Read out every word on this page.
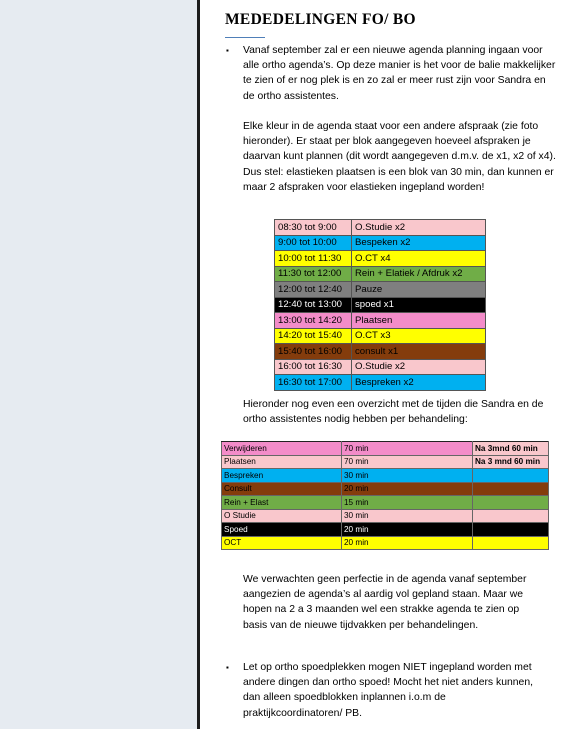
MEDEDELINGEN FO/ BO
▪ Vanaf september zal er een nieuwe agenda planning ingaan voor alle ortho agenda’s. Op deze manier is het voor de balie makkelijker te zien of er nog plek is en zo zal er meer rust zijn voor Sandra en de ortho assistentes.
Elke kleur in de agenda staat voor een andere afspraak (zie foto hieronder). Er staat per blok aangegeven hoeveel afspraken je daarvan kunt plannen (dit wordt aangegeven d.m.v. de x1, x2 of x4). Dus stel: elastieken plaatsen is een blok van 30 min, dan kunnen er maar 2 afspraken voor elastieken ingepland worden!
08:30 tot 9:00	O.Studie x2
9:00 tot 10:00	Bespeken x2
10:00 tot 11:30	O.CT x4
11:30 tot 12:00	Rein + Elatiek / Afdruk x2
12:00 tot 12:40	Pauze
12:40 tot 13:00	spoed x1
13:00 tot 14:20	Plaatsen
14:20 tot 15:40	O.CT x3
15:40 tot 16:00	consult x1
16:00 tot 16:30	O.Studie x2
16:30 tot 17:00	Bespreken x2
Hieronder nog even een overzicht met de tijden die Sandra en de ortho assistentes nodig hebben per behandeling:
Verwijderen	70 min	Na 3mnd 60 min
Plaatsen	70 min	Na 3 mnd 60 min
Bespreken	30 min	
Consult	20 min	
Rein + Elast	15 min	
O Studie	30 min	
Spoed	20 min	
OCT	20 min	
We verwachten geen perfectie in de agenda vanaf september aangezien de agenda’s al aardig vol gepland staan. Maar we hopen na 2 a 3 maanden wel een strakke agenda te zien op basis van de nieuwe tijdvakken per behandelingen.
▪ Let op ortho spoedplekken mogen NIET ingepland worden met andere dingen dan ortho spoed! Mocht het niet anders kunnen, dan alleen spoedblokken inplannen i.o.m de praktijkcoordinatoren/ PB.
